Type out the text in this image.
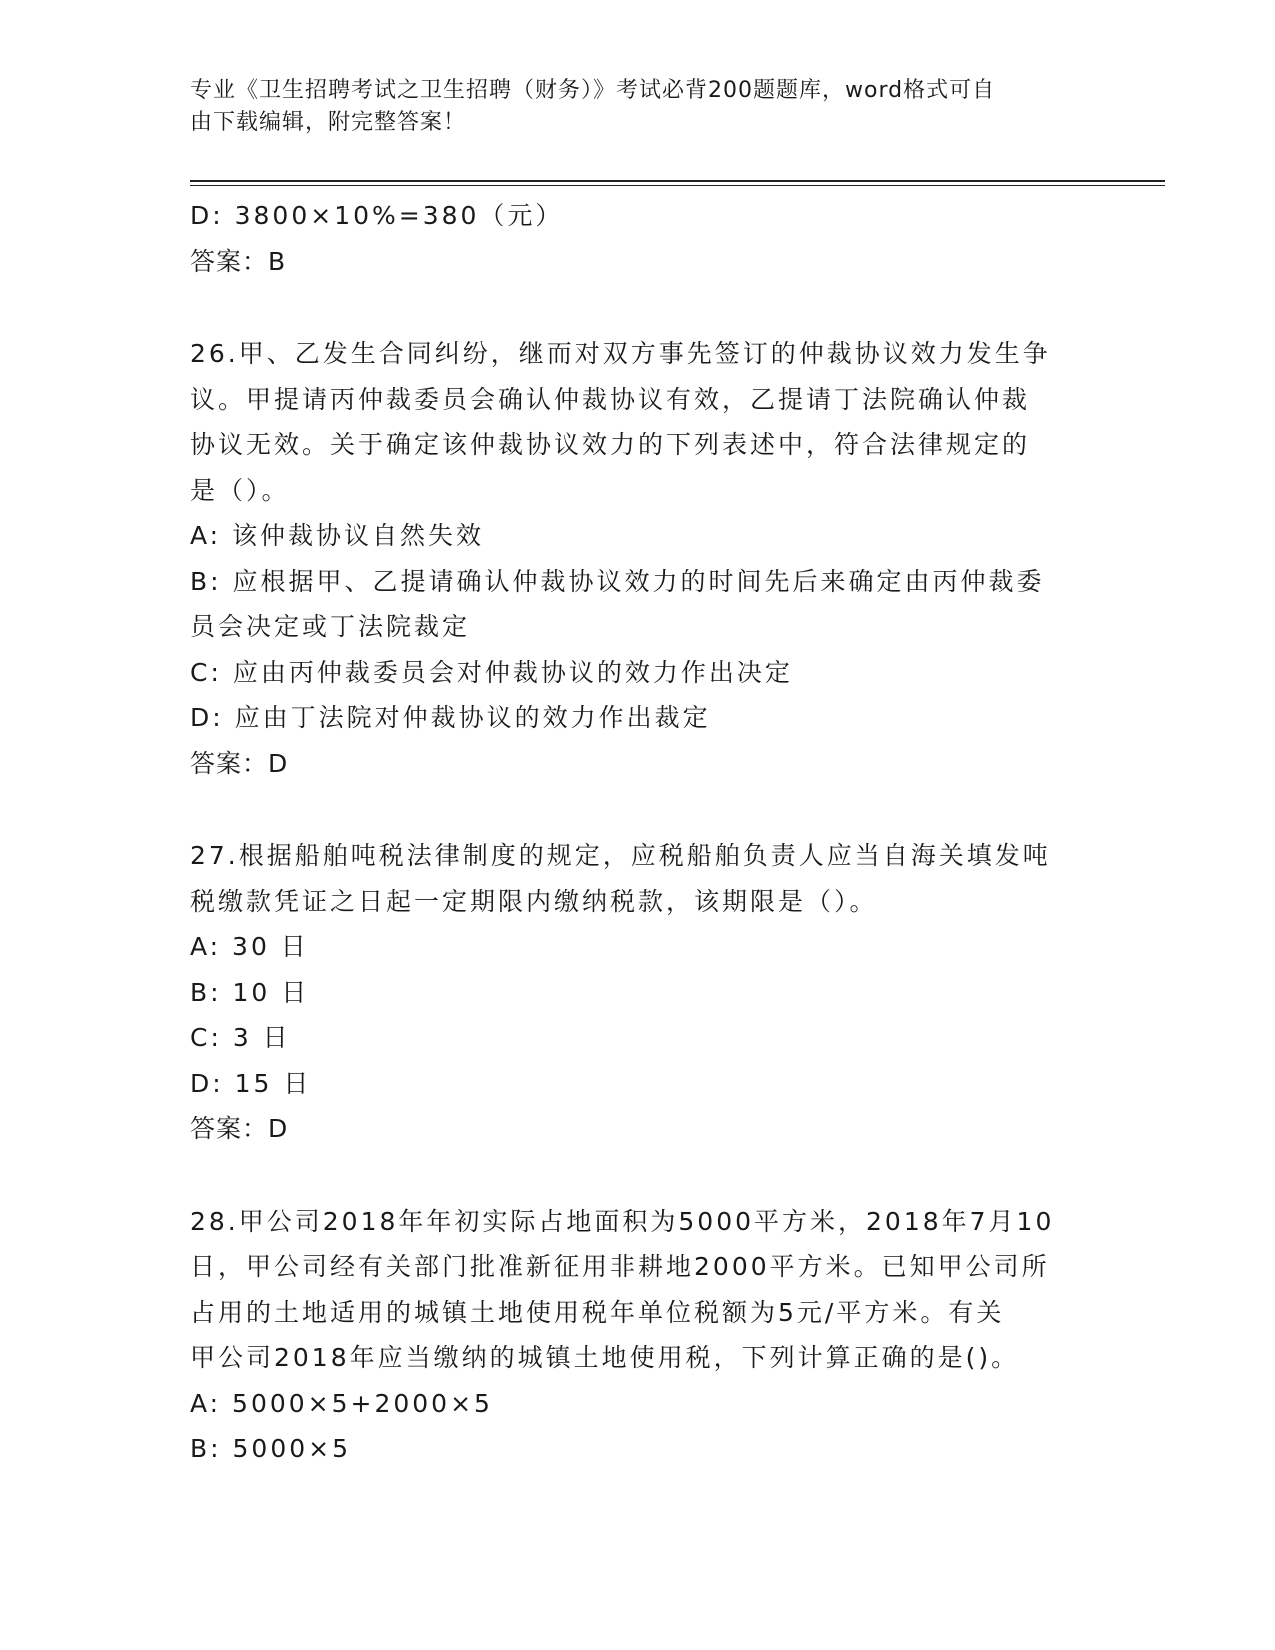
专业《卫生招聘考试之卫生招聘（财务）》考试必背200题题库，word格式可自
由下载编辑，附完整答案！
D: 3800×10%=380（元）
答案：B
26.甲、乙发生合同纠纷，继而对双方事先签订的仲裁协议效力发生争
议。甲提请丙仲裁委员会确认仲裁协议有效，乙提请丁法院确认仲裁
协议无效。关于确定该仲裁协议效力的下列表述中，符合法律规定的
是（）。
A: 该仲裁协议自然失效
B: 应根据甲、乙提请确认仲裁协议效力的时间先后来确定由丙仲裁委
员会决定或丁法院裁定
C: 应由丙仲裁委员会对仲裁协议的效力作出决定
D: 应由丁法院对仲裁协议的效力作出裁定
答案：D
27.根据船舶吨税法律制度的规定，应税船舶负责人应当自海关填发吨
税缴款凭证之日起一定期限内缴纳税款，该期限是（）。
A: 30 日
B: 10 日
C: 3 日
D: 15 日
答案：D
28.甲公司2018年年初实际占地面积为5000平方米，2018年7月10
日，甲公司经有关部门批准新征用非耕地2000平方米。已知甲公司所
占用的土地适用的城镇土地使用税年单位税额为5元/平方米。有关
甲公司2018年应当缴纳的城镇土地使用税，下列计算正确的是()。
A: 5000×5+2000×5
B: 5000×5
